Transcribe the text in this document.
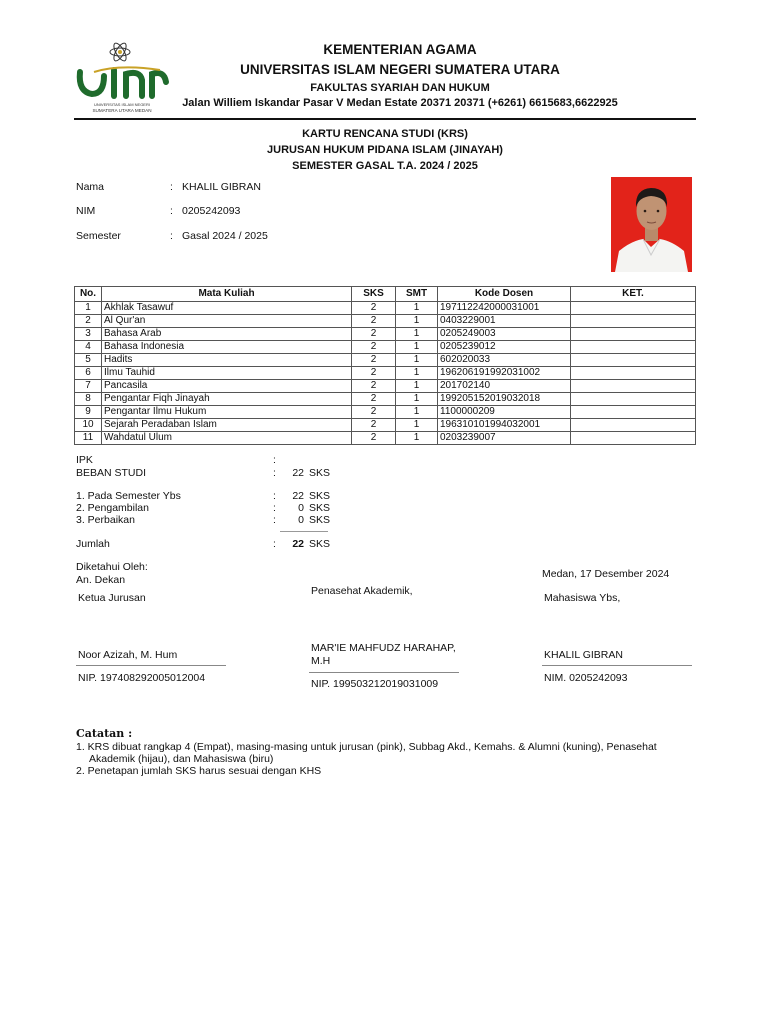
UNIVERSITAS ISLAM NEGERI
SUMATERA UTARA MEDAN
KEMENTERIAN AGAMA
UNIVERSITAS ISLAM NEGERI SUMATERA UTARA
FAKULTAS SYARIAH DAN HUKUM
Jalan Williem Iskandar Pasar V Medan Estate 20371 20371 (+6261) 6615683,6622925
KARTU RENCANA STUDI (KRS)
JURUSAN HUKUM PIDANA ISLAM (JINAYAH)
SEMESTER GASAL T.A. 2024 / 2025
Nama	: KHALIL GIBRAN
NIM	: 0205242093
Semester	: Gasal 2024 / 2025
No.	Mata Kuliah	SKS	SMT	Kode Dosen	KET.
1	Akhlak Tasawuf	2	1	197112242000031001	
2	Al Qur'an	2	1	0403229001	
3	Bahasa Arab	2	1	0205249003	
4	Bahasa Indonesia	2	1	0205239012	
5	Hadits	2	1	602020033	
6	Ilmu Tauhid	2	1	196206191992031002	
7	Pancasila	2	1	201702140	
8	Pengantar Fiqh Jinayah	2	1	199205152019032018	
9	Pengantar Ilmu Hukum	2	1	1100000209	
10	Sejarah Peradaban Islam	2	1	196310101994032001	
11	Wahdatul Ulum	2	1	0203239007	
IPK	:
BEBAN STUDI	:	22 SKS
1. Pada Semester Ybs	:	22 SKS
2. Pengambilan	:	0 SKS
3. Perbaikan	:	0 SKS
Jumlah	:	22 SKS
Diketahui Oleh:
An. Dekan	Medan, 17 Desember 2024
Ketua Jurusan
Penasehat Akademik,
Mahasiswa Ybs,
Noor Azizah, M. Hum
MAR'IE MAHFUDZ HARAHAP,
M.H	KHALIL GIBRAN
NIP. 197408292005012004	NIP. 199503212019031009	NIM. 0205242093
Catatan :
1. KRS dibuat rangkap 4 (Empat), masing-masing untuk jurusan (pink), Subbag Akd., Kemahs. & Alumni (kuning), Penasehat
Akademik (hijau), dan Mahasiswa (biru)
2. Penetapan jumlah SKS harus sesuai dengan KHS
